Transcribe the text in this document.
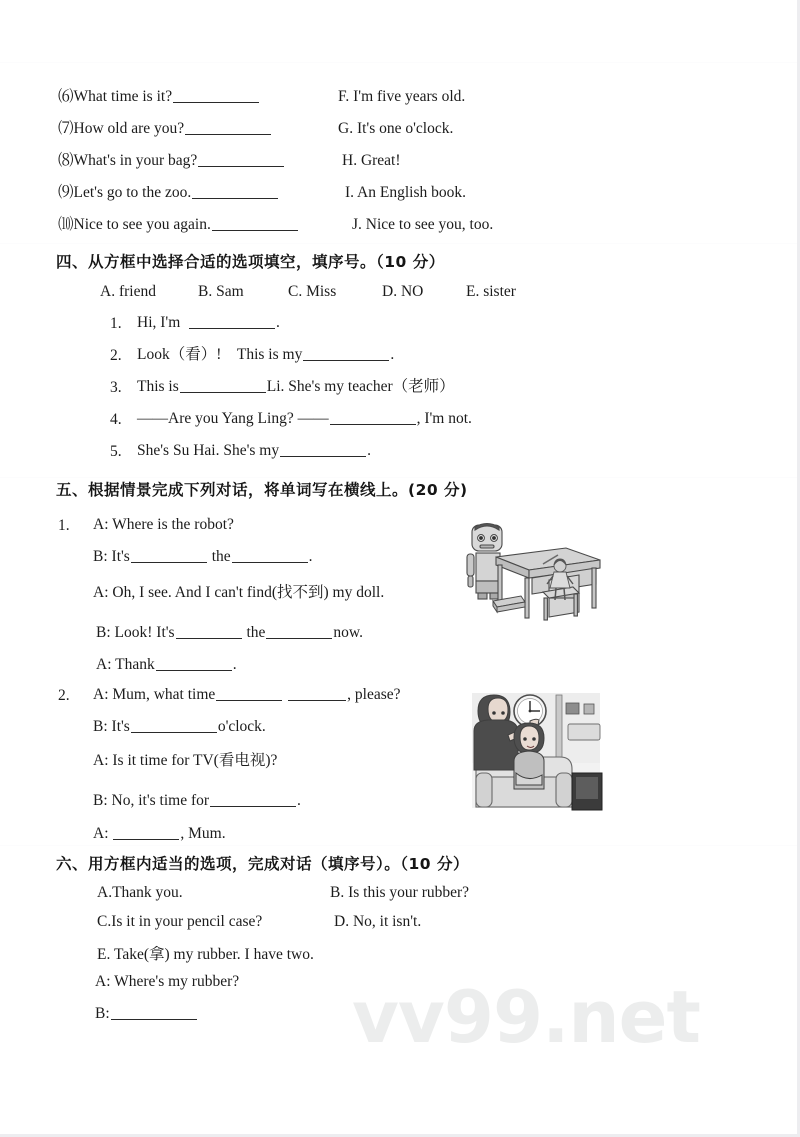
vv99.net
⑹What time is it?	F. I'm five years old.
⑺How old are you?	G. It's one o'clock.
⑻What's in your bag?	H. Great!
⑼Let's go to the zoo.	I. An English book.
⑽Nice to see you again.	J. Nice to see you, too.
四、从方框中选择合适的选项填空，填序号。（10 分）
A. friend	B. Sam	C. Miss	D. NO	E. sister
1. Hi, I'm	.
2. Look（看）!　This is my	.
3. This is	Li. She's my teacher（老师）
4. ——Are you Yang Ling? ——	, I'm not.
5. She's Su Hai. She's my	.
五、根据情景完成下列对话，将单词写在横线上。(20 分)
1. A: Where is the robot?
B: It's	the	.
A: Oh, I see. And I can't find(找不到) my doll.
B: Look! It's	the	now.
A: Thank	.
2. A: Mum, what time	, please?
B: It's	o'clock.
A: Is it time for TV(看电视)?
B: No, it's time for	.
A:	, Mum.
六、用方框内适当的选项，完成对话（填序号）。（10 分）
A.Thank you.	B. Is this your rubber?
C.Is it in your pencil case?	D. No, it isn't.
E. Take(拿) my rubber. I have two.
A: Where's my rubber?
B:
